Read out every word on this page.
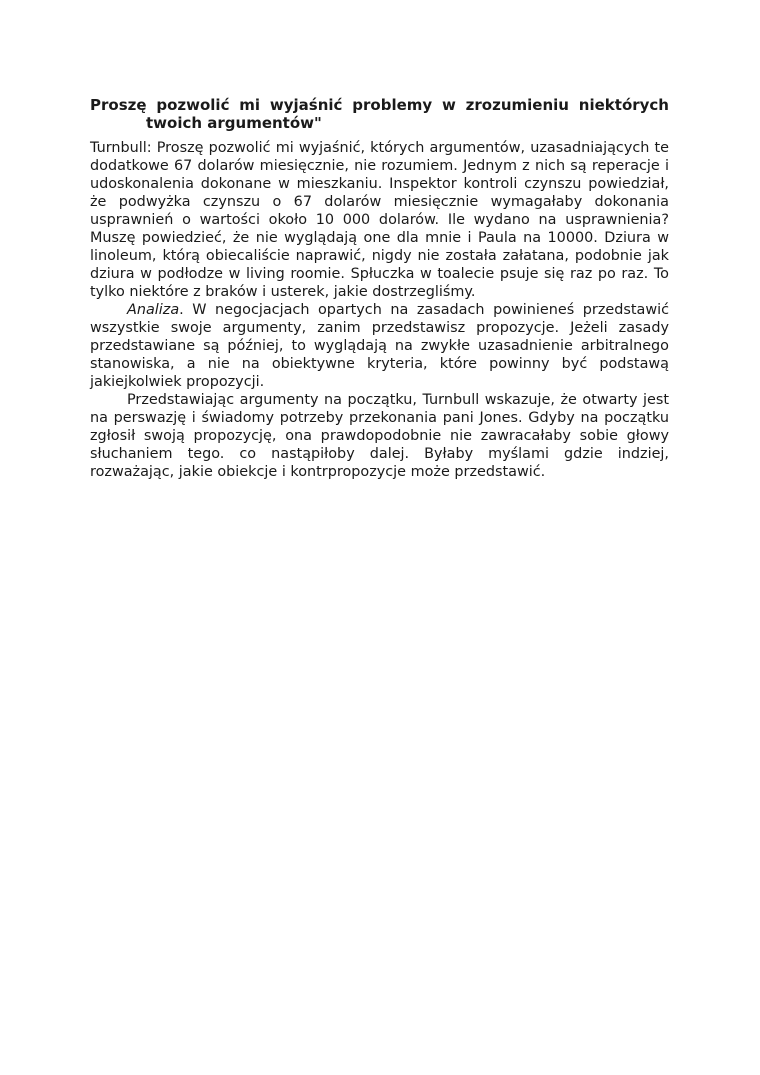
Proszę pozwolić mi wyjaśnić problemy w zrozumieniu niektórych
twoich argumentów"

Turnbull: Proszę pozwolić mi wyjaśnić, których argumentów, uzasadniających te dodatkowe 67 dolarów miesięcznie, nie rozumiem. Jednym z nich są reperacje i udoskonalenia dokonane w mieszkaniu. Inspektor kontroli czynszu powiedział, że podwyżka czynszu o 67 dolarów miesięcznie wymagałaby dokonania usprawnień o wartości około 10 000 dolarów. Ile wydano na usprawnienia? Muszę powiedzieć, że nie wyglądają one dla mnie i Paula na 10000. Dziura w linoleum, którą obiecaliście naprawić, nigdy nie została załatana, podobnie jak dziura w podłodze w living roomie. Spłuczka w toalecie psuje się raz po raz. To tylko niektóre z braków i usterek, jakie dostrzegliśmy.

Analiza. W negocjacjach opartych na zasadach powinieneś przedstawić wszystkie swoje argumenty, zanim przedstawisz propozycje. Jeżeli zasady przedstawiane są później, to wyglądają na zwykłe uzasadnienie arbitralnego stanowiska, a nie na obiektywne kryteria, które powinny być podstawą jakiejkolwiek propozycji.

Przedstawiając argumenty na początku, Turnbull wskazuje, że otwarty jest na perswazję i świadomy potrzeby przekonania pani Jones. Gdyby na początku zgłosił swoją propozycję, ona prawdopodobnie nie zawracałaby sobie głowy słuchaniem tego. co nastąpiłoby dalej. Byłaby myślami gdzie indziej, rozważając, jakie obiekcje i kontrpropozycje może przedstawić.
